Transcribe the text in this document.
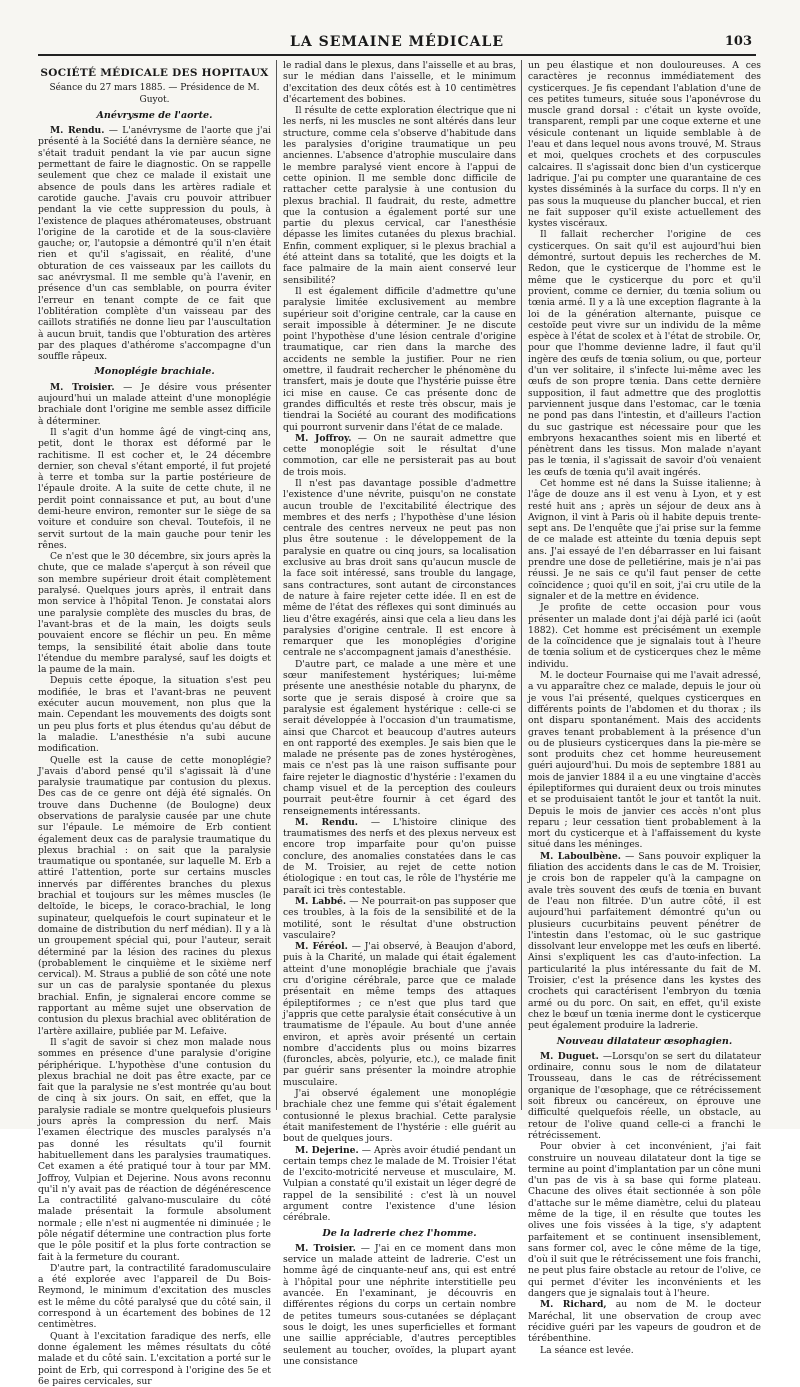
LA SEMAINE MÉDICALE	103
SOCIÉTÉ MÉDICALE DES HOPITAUX
Séance du 27 mars 1885. — Présidence de M. Guyot.
Anévrysme de l'aorte.

M. Rendu. — L'anévrysme de l'aorte que j'ai présenté à la Société dans la dernière séance, ne s'était traduit pendant la vie par aucun signe permettant de faire le diagnostic. On se rappelle seulement que chez ce malade il existait une absence de pouls dans les artères radiale et carotide gauche. J'avais cru pouvoir attribuer pendant la vie cette suppression du pouls, à l'existence de plaques athéromateuses, obstruant l'origine de la carotide et de la sous-clavière gauche; or, l'autopsie a démontré qu'il n'en était rien et qu'il s'agissait, en réalité, d'une obturation de ces vaisseaux par les caillots du sac anévrysmal. Il me semble qu'à l'avenir, en présence d'un cas semblable, on pourra éviter l'erreur en tenant compte de ce fait que l'oblitération complète d'un vaisseau par des caillots stratifiés ne donne lieu par l'auscultation à aucun bruit, tandis que l'obturation des artères par des plaques d'athérome s'accompagne d'un souffle râpeux.

Monoplégie brachiale.

M. Troisier. — Je désire vous présenter aujourd'hui un malade atteint d'une monoplégie brachiale dont l'origine me semble assez difficile à déterminer.

Il s'agit d'un homme âgé de vingt-cinq ans, petit, dont le thorax est déformé par le rachitisme. Il est cocher et, le 24 décembre dernier, son cheval s'étant emporté, il fut projeté à terre et tomba sur la partie postérieure de l'épaule droite. A la suite de cette chute, il ne perdit point connaissance et put, au bout d'une demi-heure environ, remonter sur le siège de sa voiture et conduire son cheval. Toutefois, il ne servit surtout de la main gauche pour tenir les rênes.

Ce n'est que le 30 décembre, six jours après la chute, que ce malade s'aperçut à son réveil que son membre supérieur droit était complètement paralysé. Quelques jours après, il entrait dans mon service à l'hôpital Tenon. Je constatai alors une paralysie complète des muscles du bras, de l'avant-bras et de la main, les doigts seuls pouvaient encore se fléchir un peu. En même temps, la sensibilité était abolie dans toute l'étendue du membre paralysé, sauf les doigts et la paume de la main.

Depuis cette époque, la situation s'est peu modifiée, le bras et l'avant-bras ne peuvent exécuter aucun mouvement, non plus que la main. Cependant les mouvements des doigts sont un peu plus forts et plus étendus qu'au début de la maladie. L'anesthésie n'a subi aucune modification.

Quelle est la cause de cette monoplégie? J'avais d'abord pensé qu'il s'agissait là d'une paralysie traumatique par contusion du plexus. Des cas de ce genre ont déjà été signalés. On trouve dans Duchenne (de Boulogne) deux observations de paralysie causée par une chute sur l'épaule. Le mémoire de Erb contient également deux cas de paralysie traumatique du plexus brachial : on sait que la paralysie traumatique ou spontanée, sur laquelle M. Erb a attiré l'attention, porte sur certains muscles innervés par différentes branches du plexus brachial et toujours sur les mêmes muscles (le deltoïde, le biceps, le coraco-brachial, le long supinateur, quelquefois le court supinateur et le domaine de distribution du nerf médian). Il y a là un groupement spécial qui, pour l'auteur, serait déterminé par la lésion des racines du plexus (probablement le cinquième et le sixième nerf cervical). M. Straus a publié de son côté une note sur un cas de paralysie spontanée du plexus brachial. Enfin, je signalerai encore comme se rapportant au même sujet une observation de contusion du plexus brachial avec oblitération de l'artère axillaire, publiée par M. Lefaive.

Il s'agit de savoir si chez mon malade nous sommes en présence d'une paralysie d'origine périphérique. L'hypothèse d'une contusion du plexus brachial ne doit pas être exacte, par ce fait que la paralysie ne s'est montrée qu'au bout de cinq à six jours. On sait, en effet, que la paralysie radiale se montre quelquefois plusieurs jours après la compression du nerf. Mais l'examen électrique des muscles paralysés n'a pas donné les résultats qu'il fournit habituellement dans les paralysies traumatiques. Cet examen a été pratiqué tour à tour par MM. Joffroy, Vulpian et Dejerine. Nous avons reconnu qu'il n'y avait pas de réaction de dégénérescence La contractilité galvano-musculaire du côté malade présentait la formule absolument normale ; elle n'est ni augmentée ni diminuée ; le pôle négatif détermine une contraction plus forte que le pôle positif et la plus forte contraction se fait à la fermeture du courant.

D'autre part, la contractilité faradomusculaire a été explorée avec l'appareil de Du Bois-Reymond, le minimum d'excitation des muscles est le même du côté paralysé que du côté sain, il correspond à un écartement des bobines de 12 centimètres.

Quant à l'excitation faradique des nerfs, elle donne également les mêmes résultats du côté malade et du côté sain. L'excitation a porté sur le point de Erb, qui correspond à l'origine des 5e et 6e paires cervicales, sur

le radial dans le plexus, dans l'aisselle et au bras, sur le médian dans l'aisselle, et le minimum d'excitation des deux côtés est à 10 centimètres d'écartement des bobines.

Il résulte de cette exploration électrique que ni les nerfs, ni les muscles ne sont altérés dans leur structure, comme cela s'observe d'habitude dans les paralysies d'origine traumatique un peu anciennes. L'absence d'atrophie musculaire dans le membre paralysé vient encore à l'appui de cette opinion. Il me semble donc difficile de rattacher cette paralysie à une contusion du plexus brachial. Il faudrait, du reste, admettre que la contusion a également porté sur une partie du plexus cervical, car l'anesthésie dépasse les limites cutanées du plexus brachial. Enfin, comment expliquer, si le plexus brachial a été atteint dans sa totalité, que les doigts et la face palmaire de la main aient conservé leur sensibilité?

Il est également difficile d'admettre qu'une paralysie limitée exclusivement au membre supérieur soit d'origine centrale, car la cause en serait impossible à déterminer. Je ne discute point l'hypothèse d'une lésion centrale d'origine traumatique, car rien dans la marche des accidents ne semble la justifier. Pour ne rien omettre, il faudrait rechercher le phénomène du transfert, mais je doute que l'hystérie puisse être ici mise en cause. Ce cas présente donc de grandes difficultés et reste très obscur, mais je tiendrai la Société au courant des modifications qui pourront survenir dans l'état de ce malade.

M. Joffroy. — On ne saurait admettre que cette monoplégie soit le résultat d'une commotion, car elle ne persisterait pas au bout de trois mois.

Il n'est pas davantage possible d'admettre l'existence d'une névrite, puisqu'on ne constate aucun trouble de l'excitabilité électrique des membres et des nerfs ; l'hypothèse d'une lésion centrale des centres nerveux ne peut pas non plus être soutenue : le développement de la paralysie en quatre ou cinq jours, sa localisation exclusive au bras droit sans qu'aucun muscle de la face soit intéressé, sans trouble du langage, sans contractures, sont autant de circonstances de nature à faire rejeter cette idée. Il en est de même de l'état des réflexes qui sont diminués au lieu d'être exagérés, ainsi que cela a lieu dans les paralysies d'origine centrale. Il est encore à remarquer que les monoplégies d'origine centrale ne s'accompagnent jamais d'anesthésie.

D'autre part, ce malade a une mère et une sœur manifestement hystériques; lui-même présente une anesthésie notable du pharynx, de sorte que je serais disposé à croire que sa paralysie est également hystérique : celle-ci se serait développée à l'occasion d'un traumatisme, ainsi que Charcot et beaucoup d'autres auteurs en ont rapporté des exemples. Je sais bien que le malade ne présente pas de zones hystérogènes, mais ce n'est pas là une raison suffisante pour faire rejeter le diagnostic d'hystérie : l'examen du champ visuel et de la perception des couleurs pourrait peut-être fournir à cet égard des renseignements intéressants.

M. Rendu. — L'histoire clinique des traumatismes des nerfs et des plexus nerveux est encore trop imparfaite pour qu'on puisse conclure, des anomalies constatées dans le cas de M. Troisier, au rejet de cette notion étiologique : en tout cas, le rôle de l'hystérie me paraît ici très contestable.

M. Labbé. — Ne pourrait-on pas supposer que ces troubles, à la fois de la sensibilité et de la motilité, sont le résultat d'une obstruction vasculaire?

M. Féréol. — J'ai observé, à Beaujon d'abord, puis à la Charité, un malade qui était également atteint d'une monoplégie brachiale que j'avais cru d'origine cérébrale, parce que ce malade présentait en même temps des attaques épileptiformes ; ce n'est que plus tard que j'appris que cette paralysie était consécutive à un traumatisme de l'épaule. Au bout d'une année environ, et après avoir présenté un certain nombre d'accidents plus ou moins bizarres (furoncles, abcès, polyurie, etc.), ce malade finit par guérir sans présenter la moindre atrophie musculaire.

J'ai observé également une monoplégie brachiale chez une femme qui s'était également contusionné le plexus brachial. Cette paralysie était manifestement de l'hystérie : elle guérit au bout de quelques jours.

M. Dejerine. — Après avoir étudié pendant un certain temps chez le malade de M. Troisier l'état de l'excito-motricité nerveuse et musculaire, M. Vulpian a constaté qu'il existait un léger degré de rappel de la sensibilité : c'est là un nouvel argument contre l'existence d'une lésion cérébrale.

De la ladrerie chez l'homme.

M. Troisier. — J'ai en ce moment dans mon service un malade atteint de ladrerie. C'est un homme âgé de cinquante-neuf ans, qui est entré à l'hôpital pour une néphrite interstitielle peu avancée. En l'examinant, je découvris en différentes régions du corps un certain nombre de petites tumeurs sous-cutanées se déplaçant sous le doigt, les unes superficielles et formant une saillie appréciable, d'autres perceptibles seulement au toucher, ovoïdes, la plupart ayant une consistance

un peu élastique et non douloureuses. A ces caractères je reconnus immédiatement des cysticerques. Je fis cependant l'ablation d'une de ces petites tumeurs, située sous l'aponévrose du muscle grand dorsal : c'était un kyste ovoïde, transparent, rempli par une coque externe et une vésicule contenant un liquide semblable à de l'eau et dans lequel nous avons trouvé, M. Straus et moi, quelques crochets et des corpuscules calcaires. Il s'agissait donc bien d'un cysticerque ladrique. J'ai pu compter une quarantaine de ces kystes disséminés à la surface du corps. Il n'y en pas sous la muqueuse du plancher buccal, et rien ne fait supposer qu'il existe actuellement des kystes viscéraux.

Il fallait rechercher l'origine de ces cysticerques. On sait qu'il est aujourd'hui bien démontré, surtout depuis les recherches de M. Redon, que le cysticerque de l'homme est le même que le cysticerque du porc et qu'il provient, comme ce dernier, du tœnia solium ou tœnia armé. Il y a là une exception flagrante à la loi de la génération alternante, puisque ce cestoïde peut vivre sur un individu de la même espèce à l'état de scolex et à l'état de strobile. Or, pour que l'homme devienne ladre, il faut qu'il ingère des œufs de tœnia solium, ou que, porteur d'un ver solitaire, il s'infecte lui-même avec les œufs de son propre tœnia. Dans cette dernière supposition, il faut admettre que des proglottis parviennent jusque dans l'estomac, car le tœnia ne pond pas dans l'intestin, et d'ailleurs l'action du suc gastrique est nécessaire pour que les embryons hexacanthes soient mis en liberté et pénètrent dans les tissus. Mon malade n'ayant pas le tœnia, il s'agissait de savoir d'où venaient les œufs de tœnia qu'il avait ingérés.

Cet homme est né dans la Suisse italienne; à l'âge de douze ans il est venu à Lyon, et y est resté huit ans ; après un séjour de deux ans à Avignon, il vint à Paris où il habite depuis trente-sept ans. De l'enquête que j'ai prise sur la femme de ce malade est atteinte du tœnia depuis sept ans. J'ai essayé de l'en débarrasser en lui faisant prendre une dose de pelletiérine, mais je n'ai pas réussi. Je ne sais ce qu'il faut penser de cette coïncidence ; quoi qu'il en soit, j'ai cru utile de la signaler et de la mettre en évidence.

Je profite de cette occasion pour vous présenter un malade dont j'ai déjà parlé ici (août 1882). Cet homme est précisément un exemple de la coïncidence que je signalais tout à l'heure de tœnia solium et de cysticerques chez le même individu.

M. le docteur Fournaise qui me l'avait adressé, a vu apparaître chez ce malade, depuis le jour où je vous l'ai présenté, quelques cysticerques en différents points de l'abdomen et du thorax ; ils ont disparu spontanément. Mais des accidents graves tenant probablement à la présence d'un ou de plusieurs cysticerques dans la pie-mère se sont produits chez cet homme heureusement guéri aujourd'hui. Du mois de septembre 1881 au mois de janvier 1884 il a eu une vingtaine d'accès épileptiformes qui duraient deux ou trois minutes et se produisaient tantôt le jour et tantôt la nuit. Depuis le mois de janvier ces accès n'ont plus reparu ; leur cessation tient probablement à la mort du cysticerque et à l'affaissement du kyste situé dans les méninges.

M. Laboulbène. — Sans pouvoir expliquer la filiation des accidents dans le cas de M. Troisier, je crois bon de rappeler qu'à la campagne on avale très souvent des œufs de tœnia en buvant de l'eau non filtrée. D'un autre côté, il est aujourd'hui parfaitement démontré qu'un ou plusieurs cucurbitains peuvent pénétrer de l'intestin dans l'estomac, où le suc gastrique dissolvant leur enveloppe met les œufs en liberté. Ainsi s'expliquent les cas d'auto-infection. La particularité la plus intéressante du fait de M. Troisier, c'est la présence dans les kystes des crochets qui caractérisent l'embryon du tœnia armé ou du porc. On sait, en effet, qu'il existe chez le bœuf un tœnia inerme dont le cysticerque peut également produire la ladrerie.

Nouveau dilatateur œsophagien.

M. Duguet. —Lorsqu'on se sert du dilatateur ordinaire, connu sous le nom de dilatateur Trousseau, dans le cas de rétrécissement organique de l'œsophage, que ce rétrécissement soit fibreux ou cancéreux, on éprouve une difficulté quelquefois réelle, un obstacle, au retour de l'olive quand celle-ci a franchi le rétrécissement.

Pour obvier à cet inconvénient, j'ai fait construire un nouveau dilatateur dont la tige se termine au point d'implantation par un cône muni d'un pas de vis à sa base qui forme plateau. Chacune des olives était sectionnée à son pôle d'attache sur le même diamètre, celui du plateau même de la tige, il en résulte que toutes les olives une fois vissées à la tige, s'y adaptent parfaitement et se continuent insensiblement, sans former col, avec le cône même de la tige, d'où il suit que le rétrécissement une fois franchi, ne peut plus faire obstacle au retour de l'olive, ce qui permet d'éviter les inconvénients et les dangers que je signalais tout à l'heure.

M. Richard, au nom de M. le docteur Maréchal, lit une observation de croup avec récidive guéri par les vapeurs de goudron et de térébenthine.

La séance est levée.
